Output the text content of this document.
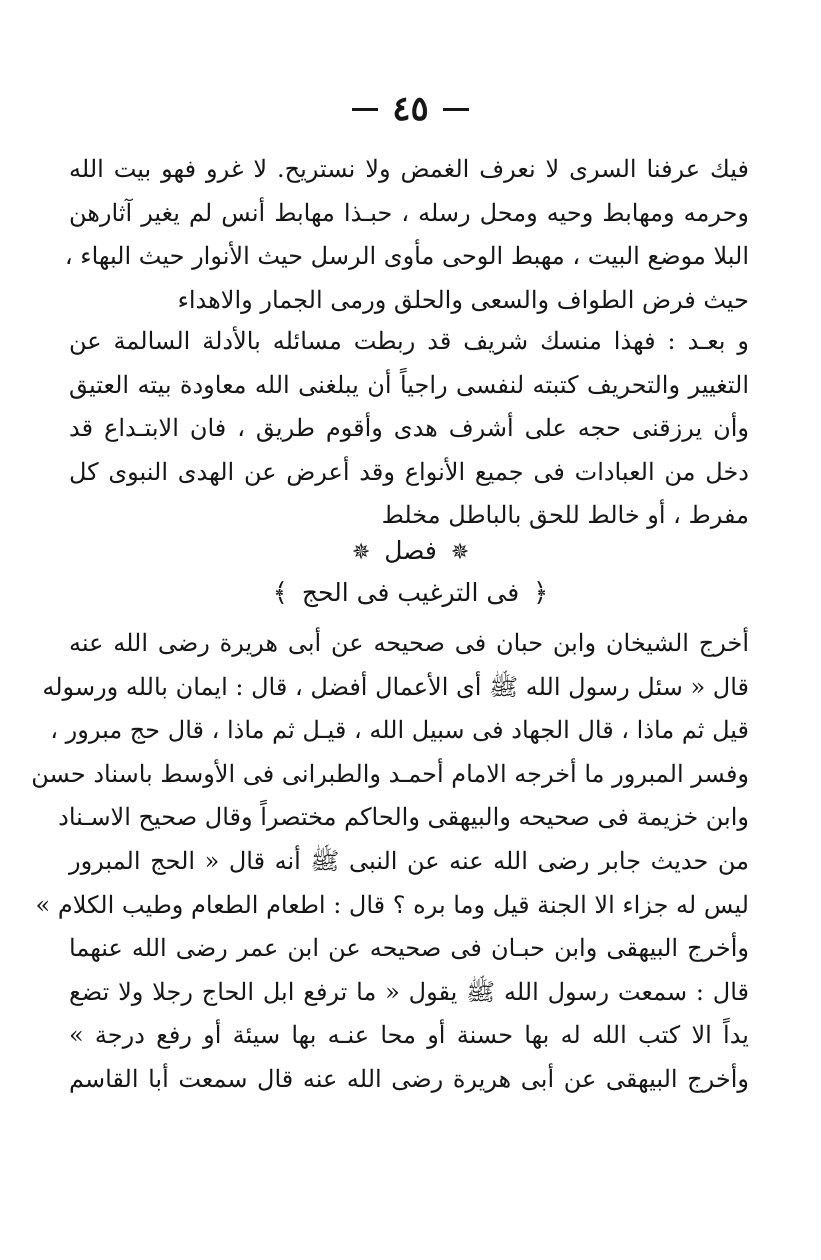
٤٥
فيك عرفنا السرى لا نعرف الغمض ولا نستريح. لا غرو فهو بيت الله
وحرمه ومهابط وحيه ومحل رسله ، حبـذا مهابط أنس لم يغير آثارهن
البلا موضع البيت ، مهبط الوحى مأوى الرسل حيث الأنوار حيث البهاء ،
حيث فرض الطواف والسعى والحلق ورمى الجمار والاهداء
و بعـد : فهذا منسك شريف قد ربطت مسائله بالأدلة السالمة عن
التغيير والتحريف كتبته لنفسى راجياً أن يبلغنى الله معاودة بيته العتيق
وأن يرزقنى حجه على أشرف هدى وأقوم طريق ، فان الابتـداع قد
دخل من العبادات فى جميع الأنواع وقد أعرض عن الهدى النبوى كل
مفرط ، أو خالط للحق بالباطل مخلط
✵ فصل ✵
﴿ فى الترغيب فى الحج ﴾
أخرج الشيخان وابن حبان فى صحيحه عن أبى هريرة رضى الله عنه
قال « سئل رسول الله ﷺ أى الأعمال أفضل ، قال : ايمان بالله ورسوله
قيل ثم ماذا ، قال الجهاد فى سبيل الله ، قيـل ثم ماذا ، قال حج مبرور ،
وفسر المبرور ما أخرجه الامام أحمـد والطبرانى فى الأوسط باسناد حسن
وابن خزيمة فى صحيحه والبيهقى والحاكم مختصراً وقال صحيح الاسـناد
من حديث جابر رضى الله عنه عن النبى ﷺ أنه قال « الحج المبرور
ليس له جزاء الا الجنة قيل وما بره ؟ قال : اطعام الطعام وطيب الكلام »
وأخرج البيهقى وابن حبـان فى صحيحه عن ابن عمر رضى الله عنهما
قال : سمعت رسول الله ﷺ يقول « ما ترفع ابل الحاج رجلا ولا تضع
يداً الا كتب الله له بها حسنة أو محا عنـه بها سيئة أو رفع درجة »
وأخرج البيهقى عن أبى هريرة رضى الله عنه قال سمعت أبا القاسم
